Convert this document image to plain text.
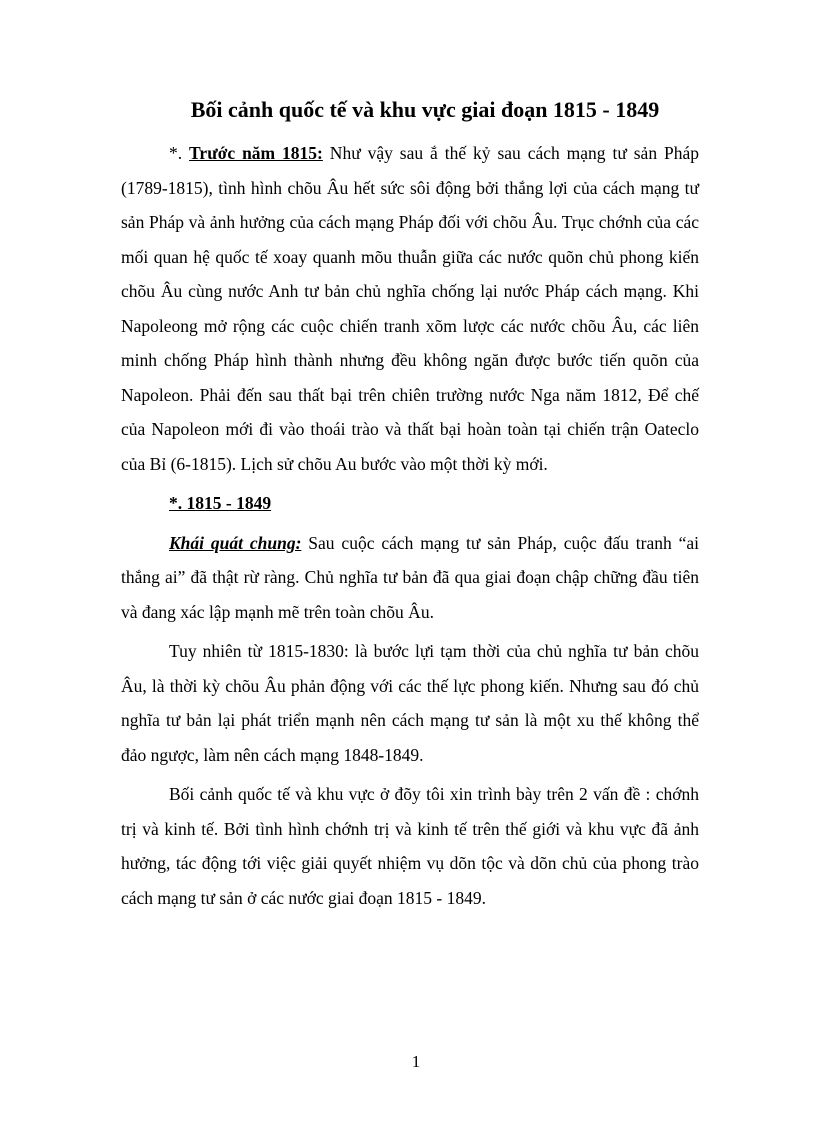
Bối cảnh quốc tế và khu vực giai đoạn 1815 - 1849

*. Trước năm 1815: Như vậy sau ắ thế kỷ sau cách mạng tư sản Pháp (1789-1815), tình hình chõu Âu hết sức sôi động bởi thắng lợi của cách mạng tư sản Pháp và ảnh hưởng của cách mạng Pháp đối với chõu Âu. Trục chớnh của các mối quan hệ quốc tế xoay quanh mõu thuẫn giữa các nước quõn chủ phong kiến chõu Âu cùng nước Anh tư bản chủ nghĩa chống lại nước Pháp cách mạng. Khi Napoleong mở rộng các cuộc chiến tranh xõm lược các nước chõu Âu, các liên minh chống Pháp hình thành nhưng đều không ngăn được bước tiến quõn của Napoleon. Phải đến sau thất bại trên chiên trường nước Nga năm 1812, Để chế của Napoleon mới đi vào thoái trào và thất bại hoàn toàn tại chiến trận Oateclo của Bỉ (6-1815). Lịch sử chõu Au bước vào một thời kỳ mới.

*. 1815 - 1849

Khái quát chung: Sau cuộc cách mạng tư sản Pháp, cuộc đấu tranh “ai thắng ai” đã thật rừ ràng. Chủ nghĩa tư bản đã qua giai đoạn chập chững đầu tiên và đang xác lập mạnh mẽ trên toàn chõu Âu.

Tuy nhiên từ 1815-1830: là bước lựi tạm thời của chủ nghĩa tư bản chõu Âu, là thời kỳ chõu Âu phản động với các thế lực phong kiến. Nhưng sau đó chủ nghĩa tư bản lại phát triển mạnh nên cách mạng tư sản là một xu thế không thể đảo ngược, làm nên cách mạng 1848-1849.

Bối cảnh quốc tế và khu vực ở đõy tôi xin trình bày trên 2 vấn đề : chớnh trị và kinh tế. Bởi tình hình chớnh trị và kinh tế trên thế giới và khu vực đã ảnh hưởng, tác động tới việc giải quyết nhiệm vụ dõn tộc và dõn chủ của phong trào cách mạng tư sản ở các nước giai đoạn 1815 - 1849.

1
